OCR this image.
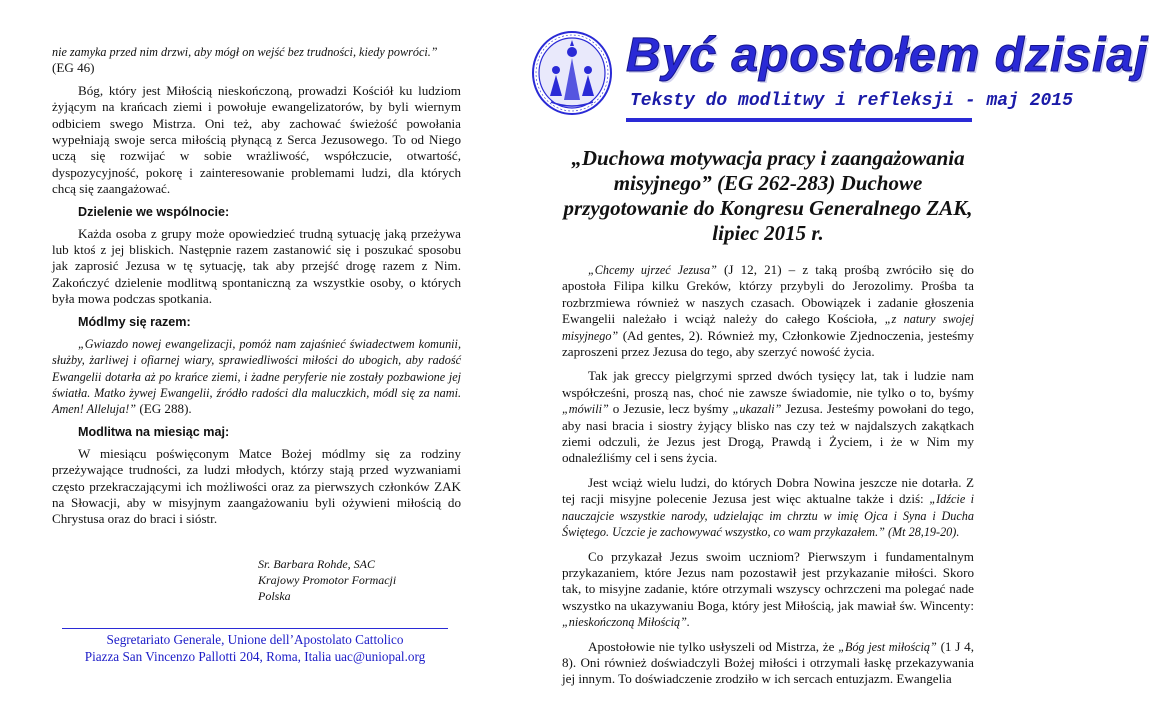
nie zamyka przed nim drzwi, aby mógł on wejść bez trudności, kiedy powróci.”
(EG 46)

Bóg, który jest Miłością nieskończoną, prowadzi Kościół ku ludziom żyjącym na krańcach ziemi i powołuje ewangelizatorów, by byli wiernym odbiciem swego Mistrza. Oni też, aby zachować świeżość powołania wypełniają swoje serca miłością płynącą z Serca Jezusowego. To od Niego uczą się rozwijać w sobie wrażliwość, współczucie, otwartość, dyspozycyjność, pokorę i zainteresowanie problemami ludzi, dla których chcą się zaangażować.

Dzielenie we wspólnocie:

Każda osoba z grupy może opowiedzieć trudną sytuację jaką przeżywa lub ktoś z jej bliskich. Następnie razem zastanowić się i poszukać sposobu jak zaprosić Jezusa w tę sytuację, tak aby przejść drogę razem z Nim. Zakończyć dzielenie modlitwą spontaniczną za wszystkie osoby, o których była mowa podczas spotkania.

Módlmy się razem:

„Gwiazdo nowej ewangelizacji, pomóż nam zajaśnieć świadectwem komunii, służby, żarliwej i ofiarnej wiary, sprawiedliwości miłości do ubogich, aby radość Ewangelii dotarła aż po krańce ziemi, i żadne peryferie nie zostały pozbawione jej światła. Matko żywej Ewangelii, źródło radości dla maluczkich, módl się za nami. Amen! Alleluja!” (EG 288).

Modlitwa na miesiąc maj:

W miesiącu poświęconym Matce Bożej módlmy się za rodziny przeżywające trudności, za ludzi młodych, którzy stają przed wyzwaniami często przekraczającymi ich możliwości oraz za pierwszych członków ZAK na Słowacji, aby w misyjnym zaangażowaniu byli ożywieni miłością do Chrystusa oraz do braci i sióstr.

Sr. Barbara Rohde, SAC
Krajowy Promotor Formacji
Polska
Segretariato Generale, Unione dell’Apostolato Cattolico
Piazza San Vincenzo Pallotti 204, Roma, Italia uac@uniopal.org
Być apostołem dzisiaj
Teksty do modlitwy i refleksji - maj 2015
„Duchowa motywacja pracy i zaangażowania misyjnego” (EG 262-283) Duchowe przygotowanie do Kongresu Generalnego ZAK, lipiec 2015 r.

„Chcemy ujrzeć Jezusa” (J 12, 21) – z taką prośbą zwróciło się do apostoła Filipa kilku Greków, którzy przybyli do Jerozolimy. Prośba ta rozbrzmiewa również w naszych czasach. Obowiązek i zadanie głoszenia Ewangelii należało i wciąż należy do całego Kościoła, „z natury swojej misyjnego” (Ad gentes, 2). Również my, Członkowie Zjednoczenia, jesteśmy zaproszeni przez Jezusa do tego, aby szerzyć nowość życia.

Tak jak greccy pielgrzymi sprzed dwóch tysięcy lat, tak i ludzie nam współcześni, proszą nas, choć nie zawsze świadomie, nie tylko o to, byśmy „mówili” o Jezusie, lecz byśmy „ukazali” Jezusa. Jesteśmy powołani do tego, aby nasi bracia i siostry żyjący blisko nas czy też w najdalszych zakątkach ziemi odczuli, że Jezus jest Drogą, Prawdą i Życiem, i że w Nim my odnaleźliśmy cel i sens życia.

Jest wciąż wielu ludzi, do których Dobra Nowina jeszcze nie dotarła. Z tej racji misyjne polecenie Jezusa jest więc aktualne także i dziś: „Idźcie i nauczajcie wszystkie narody, udzielając im chrztu w imię Ojca i Syna i Ducha Świętego. Uczcie je zachowywać wszystko, co wam przykazałem.” (Mt 28,19-20).

Co przykazał Jezus swoim uczniom? Pierwszym i fundamentalnym przykazaniem, które Jezus nam pozostawił jest przykazanie miłości. Skoro tak, to misyjne zadanie, które otrzymali wszyscy ochrzczeni ma polegać nade wszystko na ukazywaniu Boga, który jest Miłością, jak mawiał św. Wincenty: „nieskończoną Miłością”.

Apostołowie nie tylko usłyszeli od Mistrza, że „Bóg jest miłością” (1 J 4, 8). Oni również doświadczyli Bożej miłości i otrzymali łaskę przekazywania jej innym. To doświadczenie zrodziło w ich sercach entuzjazm. Ewangelia
